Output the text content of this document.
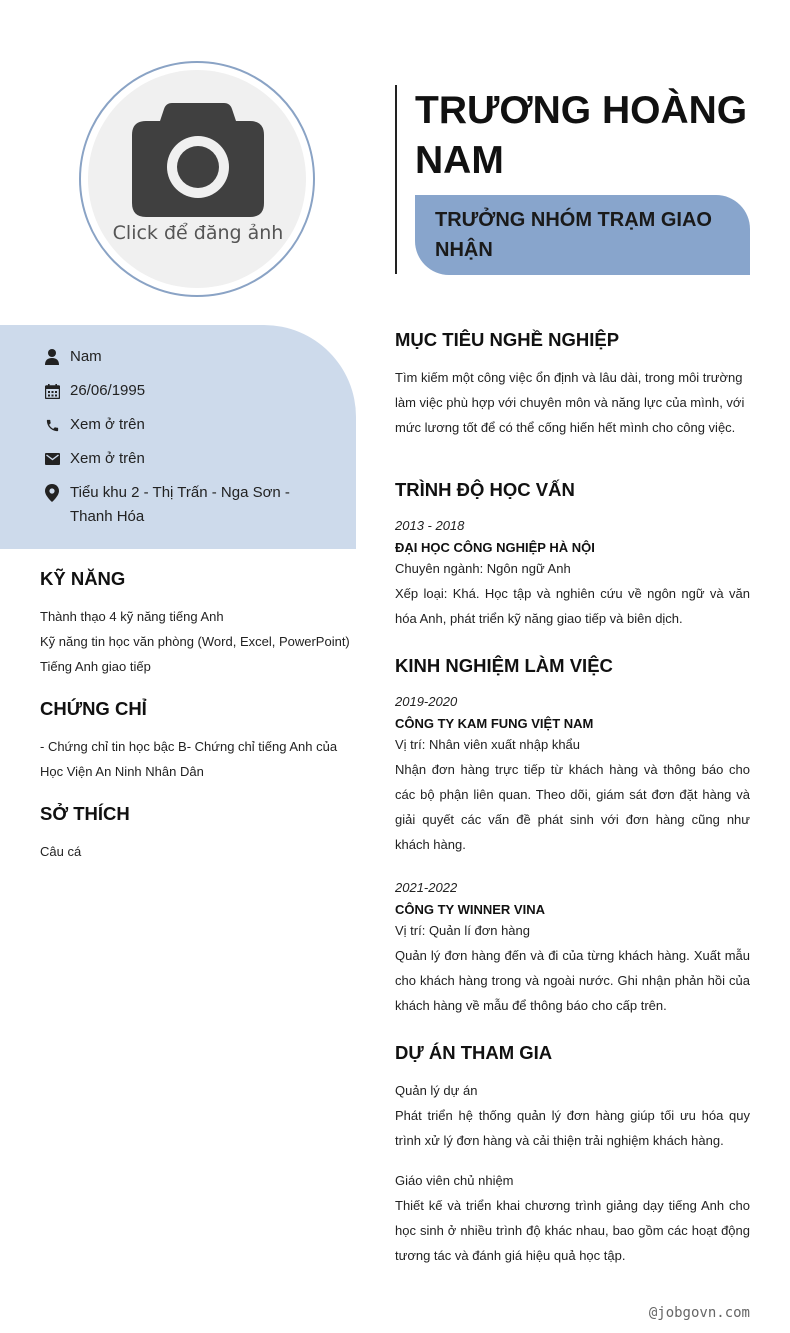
Click để đăng ảnh
TRƯƠNG HOÀNG
NAM
TRƯỞNG NHÓM TRẠM GIAO NHẬN
Nam
26/06/1995
Xem ở trên
Xem ở trên
Tiểu khu 2 - Thị Trấn - Nga Sơn - Thanh Hóa
KỸ NĂNG
Thành thạo 4 kỹ năng tiếng Anh
Kỹ năng tin học văn phòng (Word, Excel, PowerPoint)
Tiếng Anh giao tiếp
CHỨNG CHỈ
- Chứng chỉ tin học bậc B- Chứng chỉ tiếng Anh của Học Viện An Ninh Nhân Dân
SỞ THÍCH
Câu cá
MỤC TIÊU NGHỀ NGHIỆP
Tìm kiếm một công việc ổn định và lâu dài, trong môi trường làm việc phù hợp với chuyên môn và năng lực của mình, với mức lương tốt để có thể cống hiến hết mình cho công việc.
TRÌNH ĐỘ HỌC VẤN
2013 - 2018
ĐẠI HỌC CÔNG NGHIỆP HÀ NỘI
Chuyên ngành: Ngôn ngữ Anh
Xếp loại: Khá. Học tập và nghiên cứu về ngôn ngữ và văn hóa Anh, phát triển kỹ năng giao tiếp và biên dịch.
KINH NGHIỆM LÀM VIỆC
2019-2020
CÔNG TY KAM FUNG VIỆT NAM
Vị trí: Nhân viên xuất nhập khẩu
Nhận đơn hàng trực tiếp từ khách hàng và thông báo cho các bộ phận liên quan. Theo dõi, giám sát đơn đặt hàng và giải quyết các vấn đề phát sinh với đơn hàng cũng như khách hàng.
2021-2022
CÔNG TY WINNER VINA
Vị trí: Quản lí đơn hàng
Quản lý đơn hàng đến và đi của từng khách hàng. Xuất mẫu cho khách hàng trong và ngoài nước. Ghi nhận phản hồi của khách hàng về mẫu để thông báo cho cấp trên.
DỰ ÁN THAM GIA
Quản lý dự án
Phát triển hệ thống quản lý đơn hàng giúp tối ưu hóa quy trình xử lý đơn hàng và cải thiện trải nghiệm khách hàng.
Giáo viên chủ nhiệm
Thiết kế và triển khai chương trình giảng dạy tiếng Anh cho học sinh ở nhiều trình độ khác nhau, bao gồm các hoạt động tương tác và đánh giá hiệu quả học tập.
@jobgovn.com
